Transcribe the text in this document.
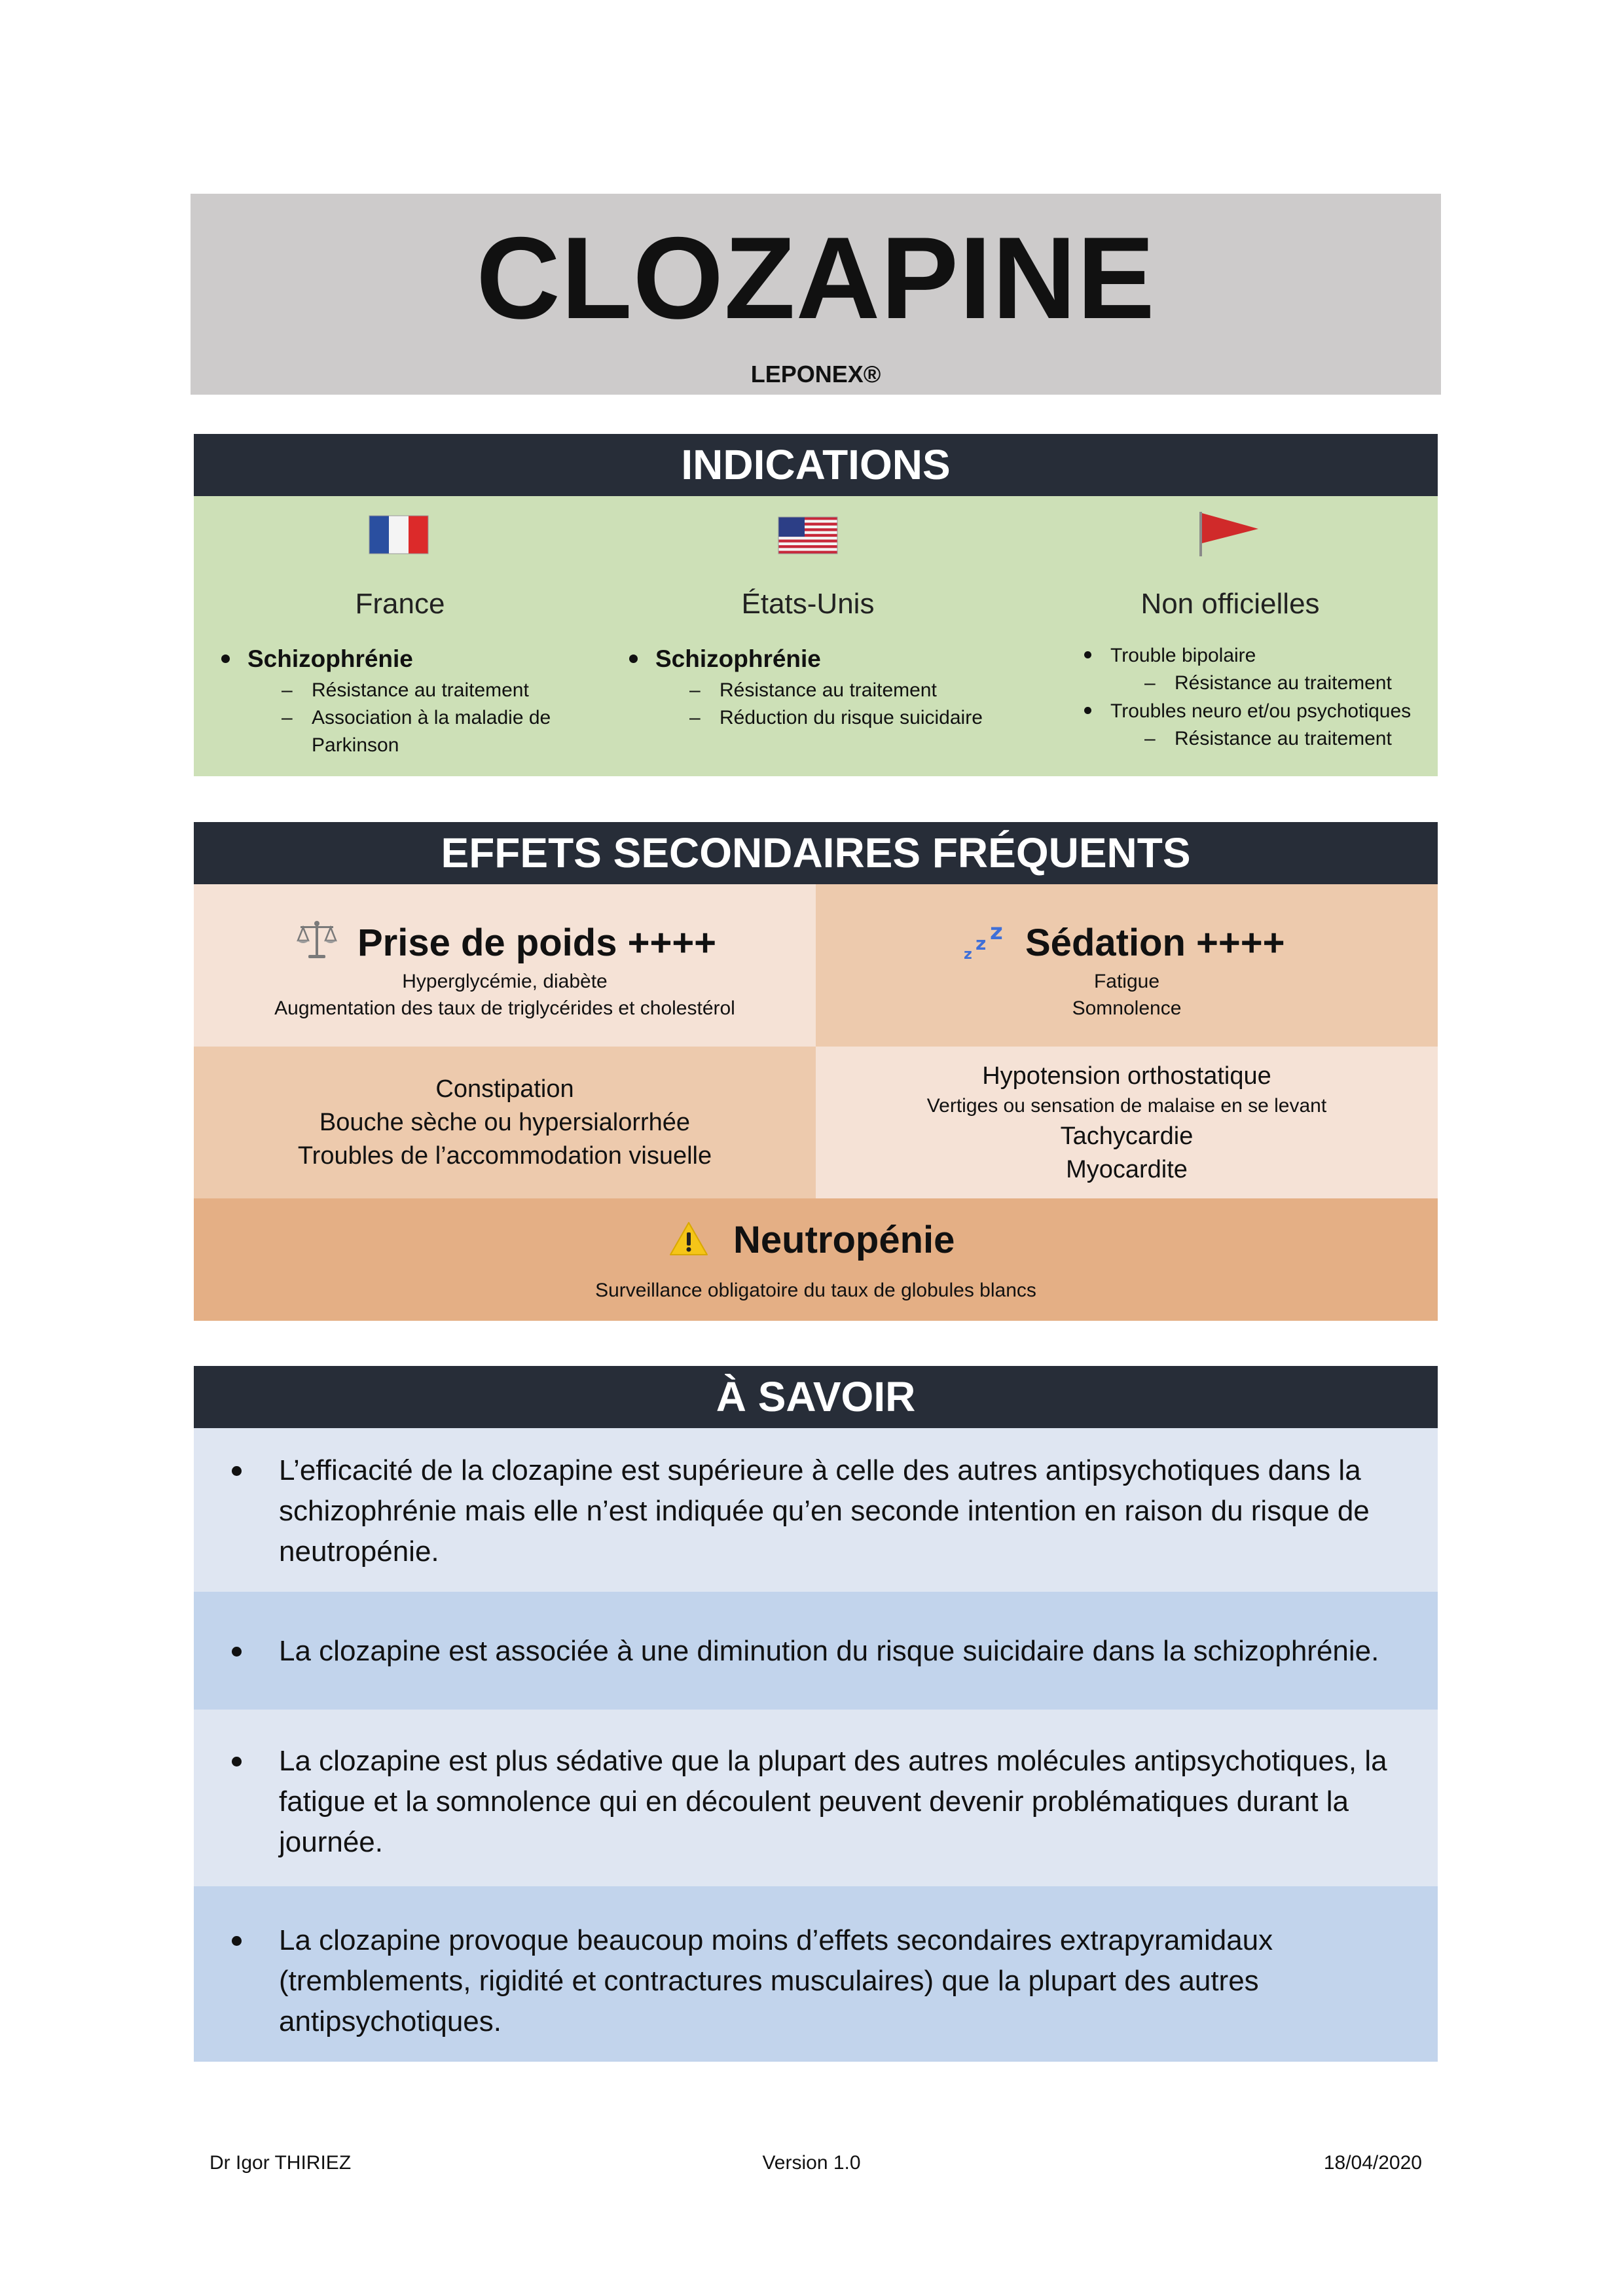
CLOZAPINE
LEPONEX®
INDICATIONS
France
Schizophrénie
– Résistance au traitement
– Association à la maladie de Parkinson
États-Unis
Schizophrénie
– Résistance au traitement
– Réduction du risque suicidaire
Non officielles
Trouble bipolaire
– Résistance au traitement
Troubles neuro et/ou psychotiques
– Résistance au traitement
EFFETS SECONDAIRES FRÉQUENTS
Prise de poids ++++
Hyperglycémie, diabète
Augmentation des taux de triglycérides et cholestérol
z
z z Sédation ++++
Fatigue
Somnolence
Constipation
Bouche sèche ou hypersialorrhée
Troubles de l’accommodation visuelle
Hypotension orthostatique
Vertiges ou sensation de malaise en se levant
Tachycardie
Myocardite
Neutropénie
Surveillance obligatoire du taux de globules blancs
À SAVOIR
L’efficacité de la clozapine est supérieure à celle des autres antipsychotiques dans la schizophrénie mais elle n’est indiquée qu’en seconde intention en raison du risque de neutropénie.
La clozapine est associée à une diminution du risque suicidaire dans la schizophrénie.
La clozapine est plus sédative que la plupart des autres molécules antipsychotiques, la fatigue et la somnolence qui en découlent peuvent devenir problématiques durant la journée.
La clozapine provoque beaucoup moins d’effets secondaires extrapyramidaux (tremblements, rigidité et contractures musculaires) que la plupart des autres antipsychotiques.
Dr Igor THIRIEZ	Version 1.0	18/04/2020
